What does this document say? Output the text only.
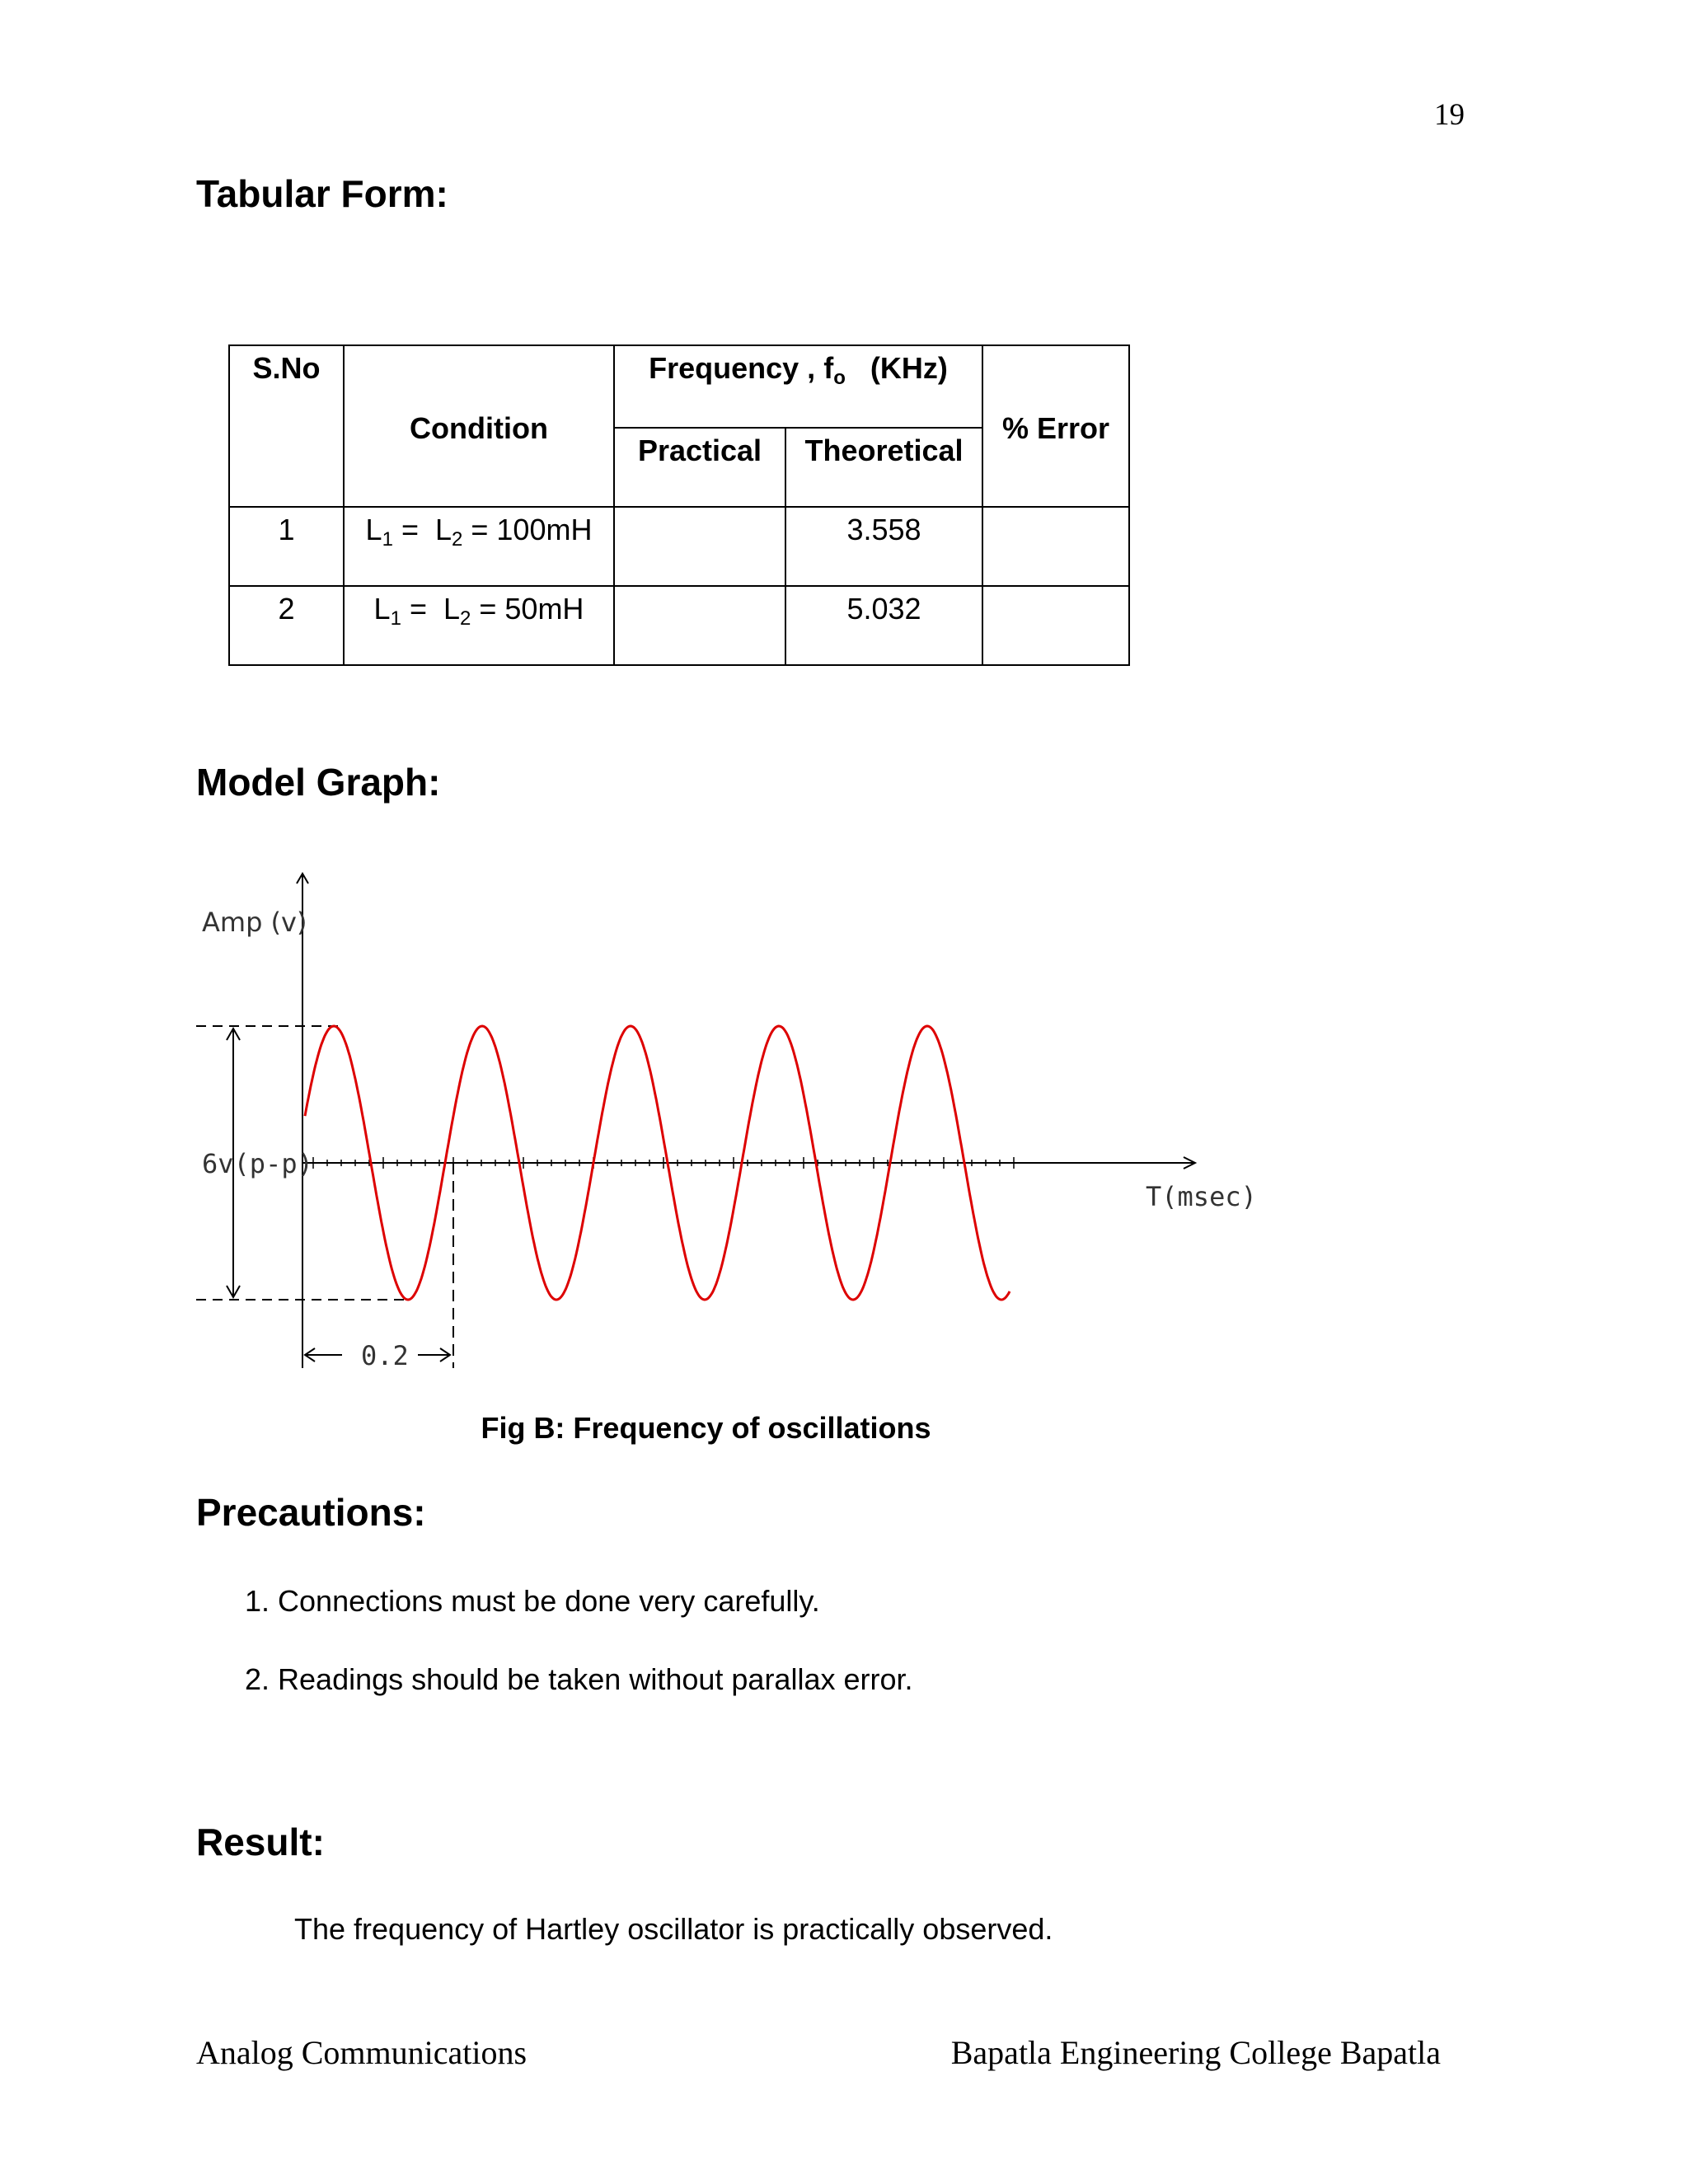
19
Tabular Form:
S.No	Condition	Frequency , $f_o$ (KHz)		% Error
		Practical	Theoretical	
1	$L_1 = L_2 = 100mH$		3.558	
2	$L_1 = L_2 = 50mH$		5.032	
Model Graph:
Amp (v)
6v(p-p)
T(msec)
0.2
Fig B: Frequency of oscillations
Precautions:
1. Connections must be done very carefully.
2. Readings should be taken without parallax error.
Result:
The frequency of Hartley oscillator is practically observed.
Analog Communications	Bapatla Engineering College Bapatla
